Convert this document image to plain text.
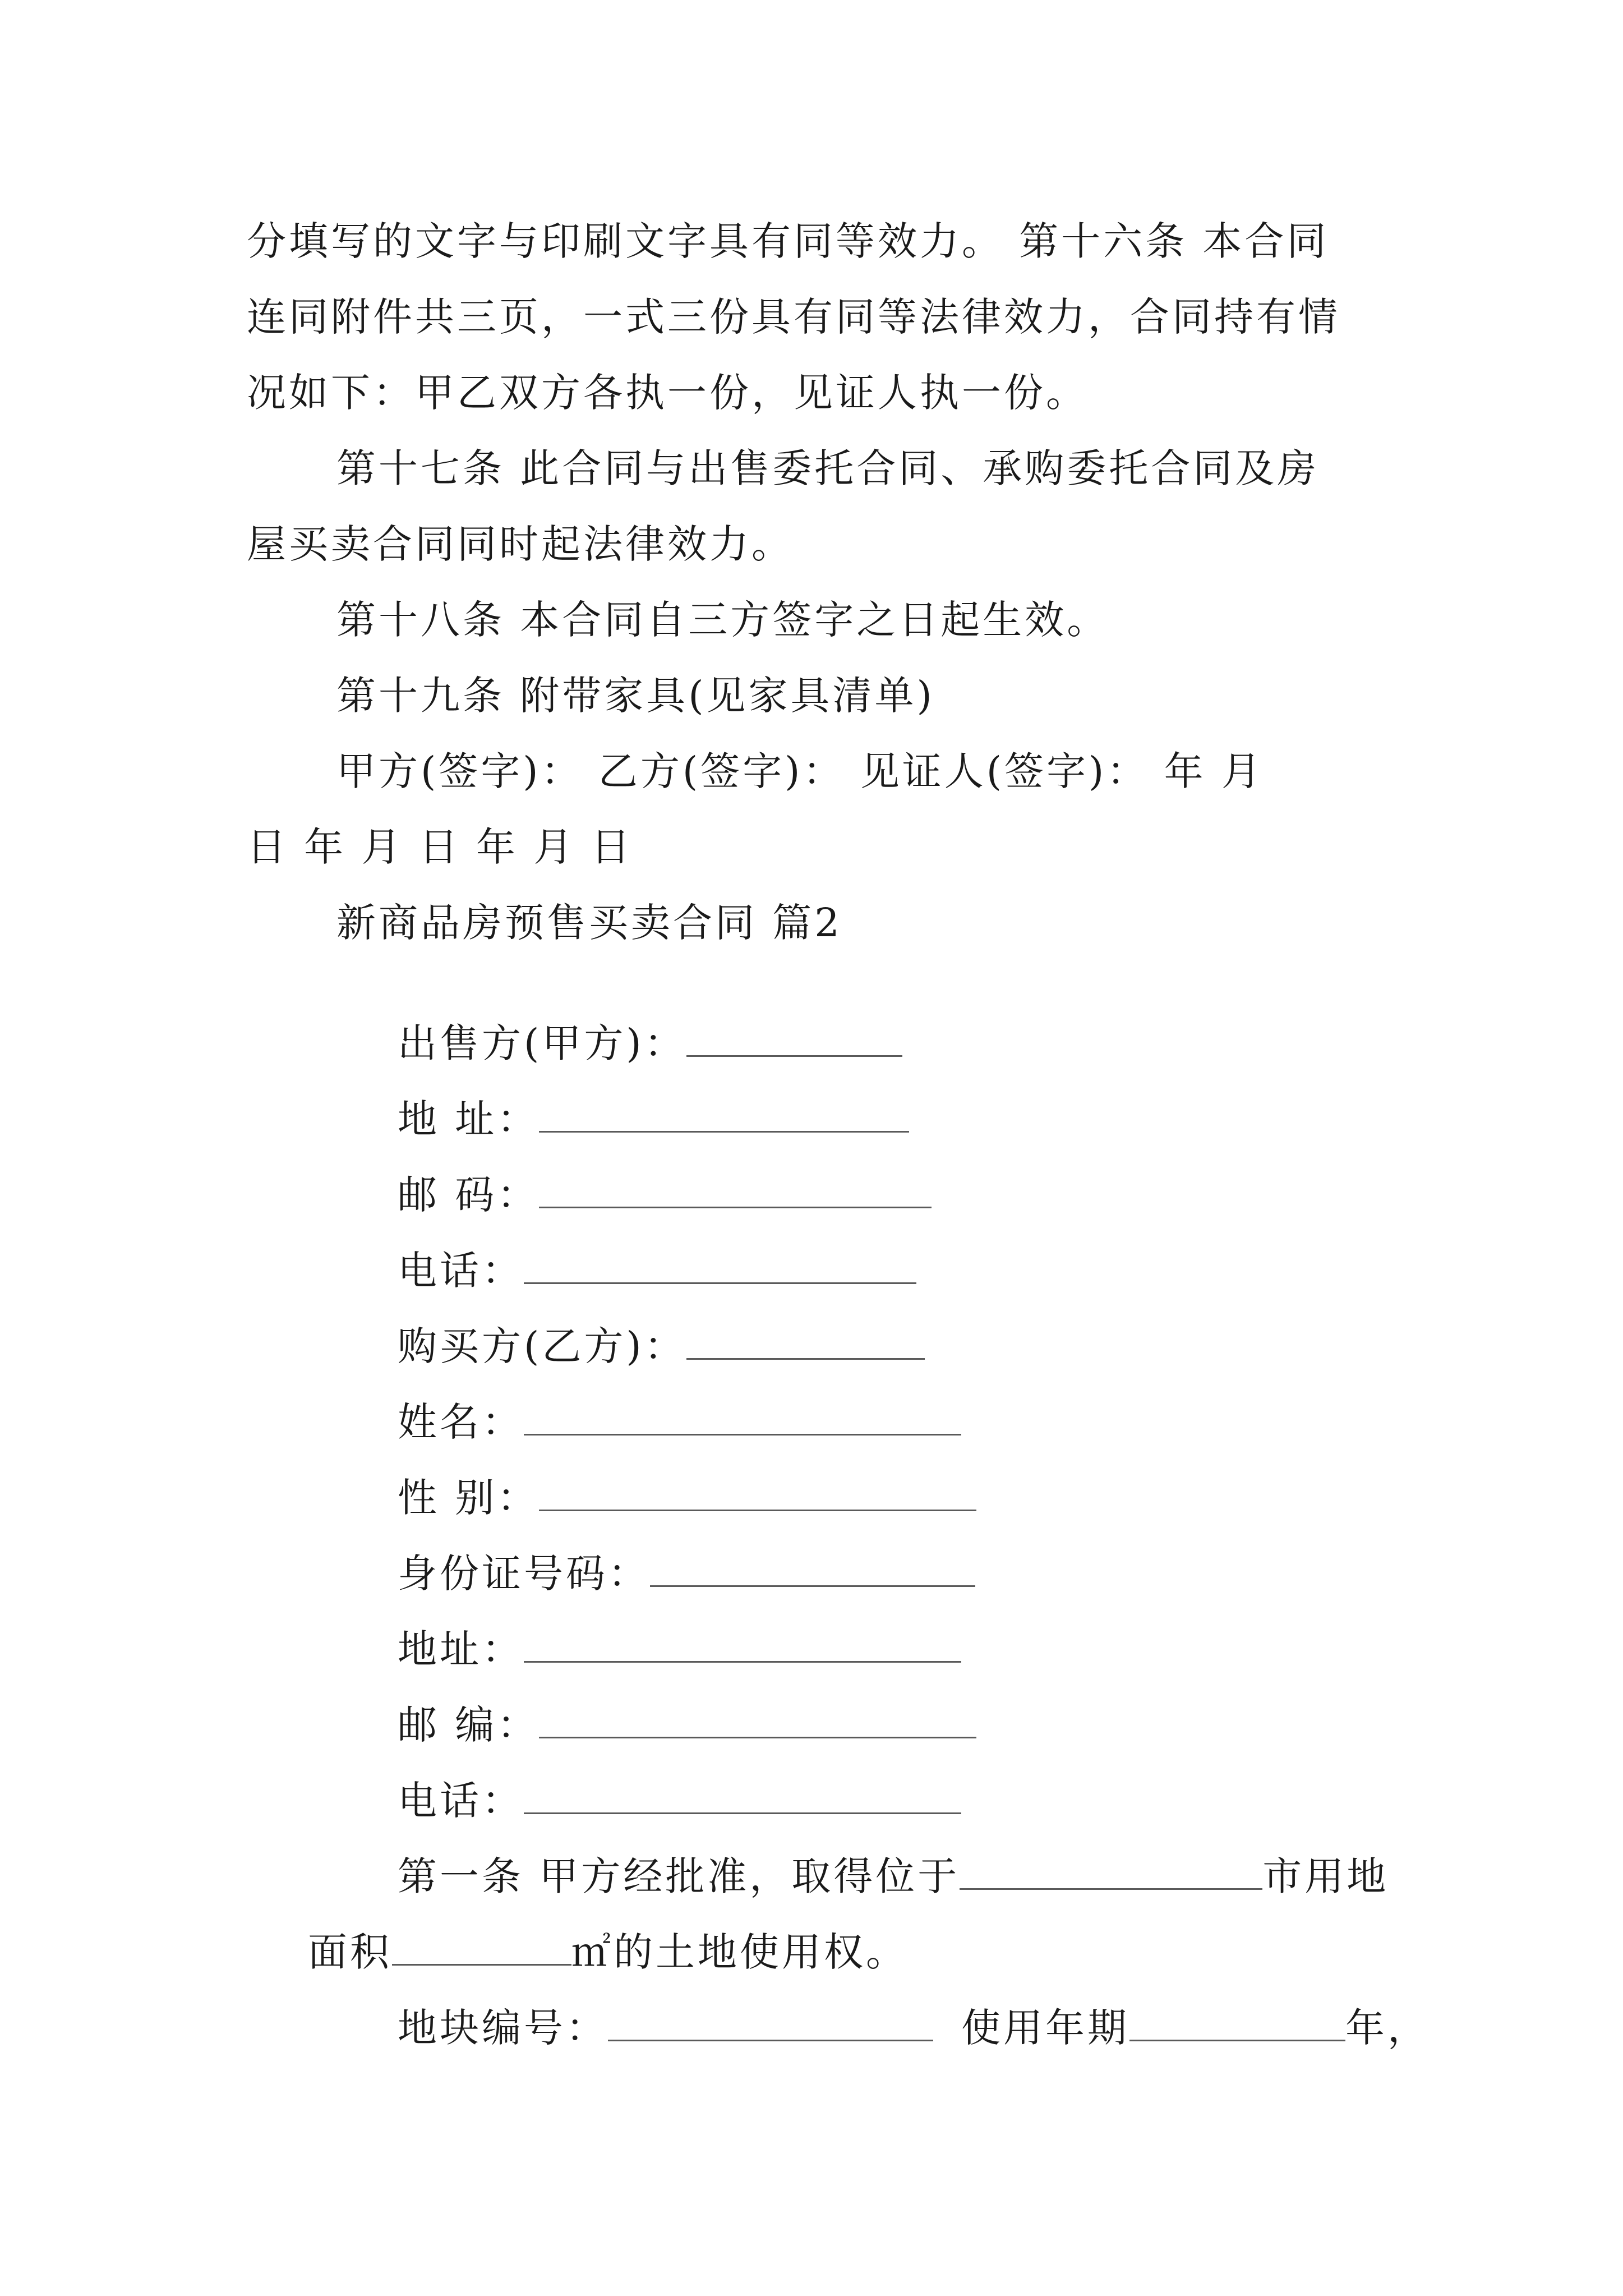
分填写的文字与印刷文字具有同等效力。 第十六条 本合同
连同附件共三页，一式三份具有同等法律效力，合同持有情
况如下：甲乙双方各执一份，见证人执一份。
第十七条 此合同与出售委托合同、承购委托合同及房
屋买卖合同同时起法律效力。
第十八条 本合同自三方签字之日起生效。
第十九条 附带家具(见家具清单)
甲方(签字)： 乙方(签字)： 见证人(签字)： 年 月
日 年 月 日 年 月 日
新商品房预售买卖合同 篇2

出售方(甲方)：

地 址：

邮 码：

电话：

购买方(乙方)：

姓名：

性 别：

身份证号码：

地址：

邮 编：

电话：

第一条 甲方经批准，取得位于	市用地

面积	㎡的土地使用权。

地块编号：	使用年期	年，
